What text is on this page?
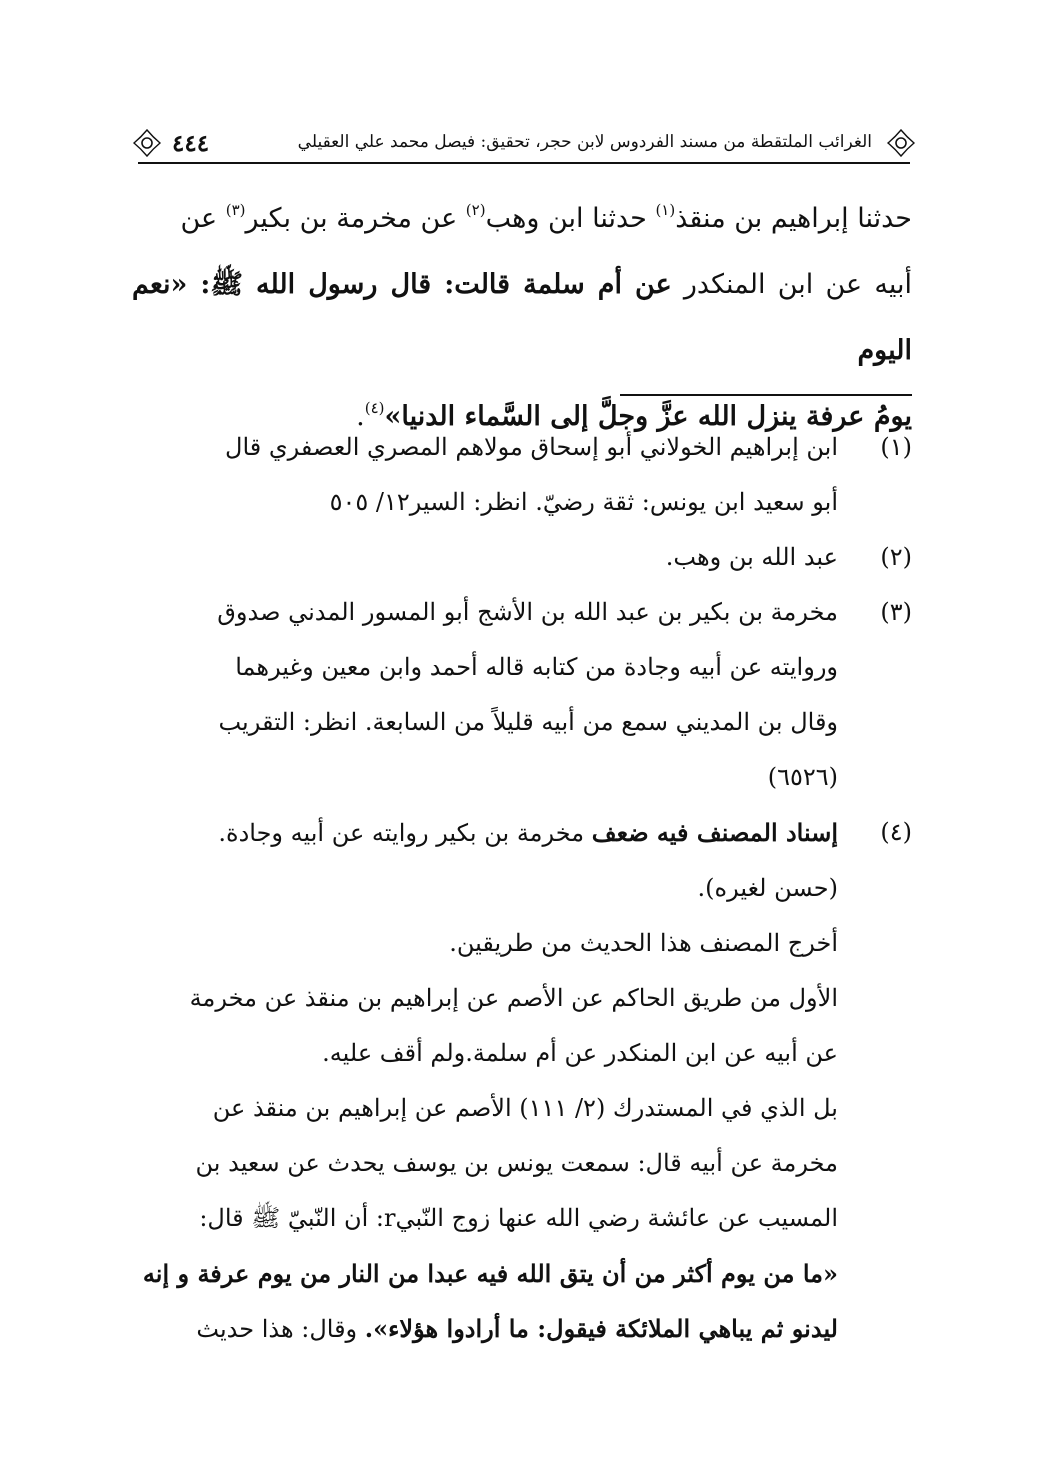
الغرائب الملتقطة من مسند الفردوس لابن حجر، تحقيق: فيصل محمد علي العقيلي
٤٤٤

حدثنا إبراهيم بن منقذ$^{(١)}$ حدثنا ابن وهب$^{(٢)}$ عن مخرمة بن بكير$^{(٣)}$ عن

أبيه عن ابن المنكدر عن أم سلمة قالت: قال رسول الله ﷺ: «نعم اليوم

يومُ عرفة ينزل الله عزَّ وجلَّ إلى السَّماء الدنيا»$^{(٤)}$.

(١)
ابن إبراهيم الخولاني أبو إسحاق مولاهم المصري العصفري قال
أبو سعيد ابن يونس: ثقة رضيّ. انظر: السير١٢/ ٥٠٥
(٢)
عبد الله بن وهب.
(٣)
مخرمة بن بكير بن عبد الله بن الأشج أبو المسور المدني صدوق
وروايته عن أبيه وجادة من كتابه قاله أحمد وابن معين وغيرهما
وقال بن المديني سمع من أبيه قليلاً من السابعة. انظر: التقريب
(٦٥٢٦)
(٤)
إسناد المصنف فيه ضعف مخرمة بن بكير روايته عن أبيه وجادة.
(حسن لغيره).
أخرج المصنف هذا الحديث من طريقين.
الأول من طريق الحاكم عن الأصم عن إبراهيم بن منقذ عن مخرمة
عن أبيه عن ابن المنكدر عن أم سلمة.ولم أقف عليه.
بل الذي في المستدرك (٢/ ١١١) الأصم عن إبراهيم بن منقذ عن
مخرمة عن أبيه قال: سمعت يونس بن يوسف يحدث عن سعيد بن
المسيب عن عائشة رضي الله عنها زوج النّبيr: أن النّبيّ ﷺ قال:
«ما من يوم أكثر من أن يتق الله فيه عبدا من النار من يوم عرفة و إنه
ليدنو ثم يباهي الملائكة فيقول: ما أرادوا هؤلاء». وقال: هذا حديث
